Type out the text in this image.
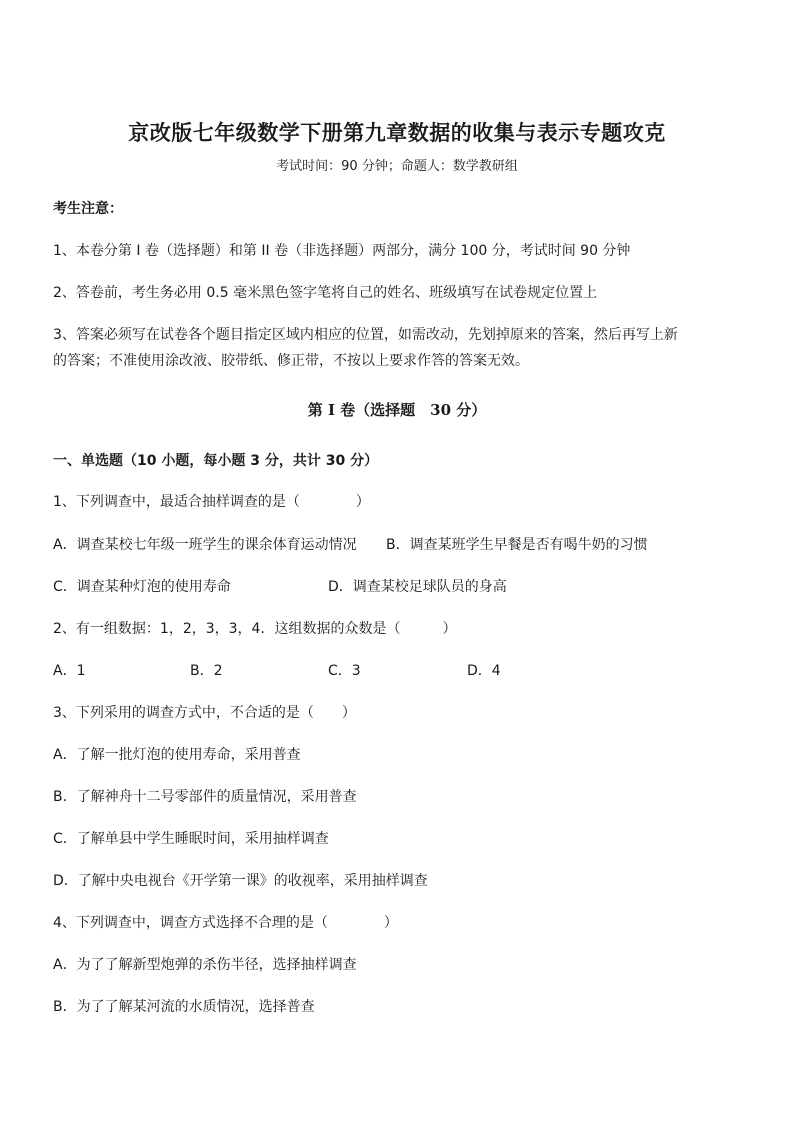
京改版七年级数学下册第九章数据的收集与表示专题攻克
考试时间：90 分钟；命题人：数学教研组
考生注意：
1、本卷分第 I 卷（选择题）和第 II 卷（非选择题）两部分，满分 100 分，考试时间 90 分钟
2、答卷前，考生务必用 0.5 毫米黑色签字笔将自己的姓名、班级填写在试卷规定位置上
3、答案必须写在试卷各个题目指定区域内相应的位置，如需改动，先划掉原来的答案，然后再写上新
的答案；不准使用涂改液、胶带纸、修正带，不按以上要求作答的答案无效。
第 I 卷（选择题　30 分）
一、单选题（10 小题，每小题 3 分，共计 30 分）
1、下列调查中，最适合抽样调查的是（　　　　）
A．调查某校七年级一班学生的课余体育运动情况 B．调查某班学生早餐是否有喝牛奶的习惯
C．调查某种灯泡的使用寿命	D．调查某校足球队员的身高
2、有一组数据：1，2，3，3，4．这组数据的众数是（　　　）
A．1	B．2	C．3	D．4
3、下列采用的调查方式中，不合适的是（　　）
A．了解一批灯泡的使用寿命，采用普查
B．了解神舟十二号零部件的质量情况，采用普查
C．了解单县中学生睡眠时间，采用抽样调查
D．了解中央电视台《开学第一课》的收视率，采用抽样调查
4、下列调查中，调查方式选择不合理的是（　　　　）
A．为了了解新型炮弹的杀伤半径，选择抽样调查
B．为了了解某河流的水质情况，选择普查
